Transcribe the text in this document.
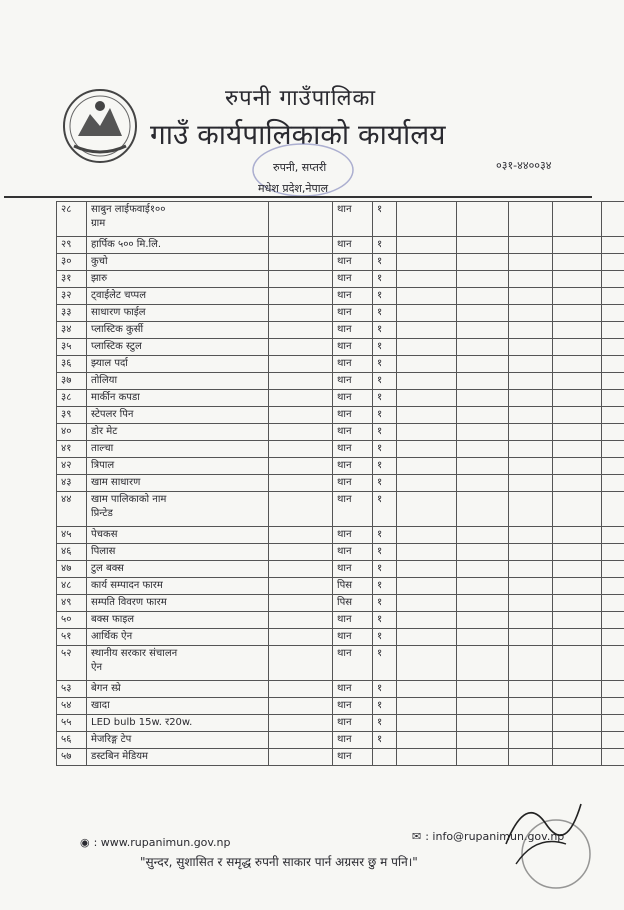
रुपनी गाउँपालिका
गाउँ कार्यपालिकाको कार्यालय
रुपनी, सप्तरी
मधेश प्रदेश,नेपाल
०३१-४४००३४
२८	साबुन लाईफवाई१००
ग्राम		थान	१					
२९	हार्पिक ५०० मि.लि.		थान	१					
३०	कुचो		थान	१					
३१	झारु		थान	१					
३२	ट्वाईलेट चप्पल		थान	१					
३३	साधारण फाईल		थान	१					
३४	प्लास्टिक कुर्सी		थान	१					
३५	प्लास्टिक स्टुल		थान	१					
३६	झ्याल पर्दा		थान	१					
३७	तोलिया		थान	१					
३८	मार्कीन कपडा		थान	१					
३९	स्टेपलर पिन		थान	१					
४०	डोर मेट		थान	१					
४१	ताल्चा		थान	१					
४२	त्रिपाल		थान	१					
४३	खाम साधारण		थान	१					
४४	खाम पालिकाको नाम
प्रिन्टेड		थान	१					
४५	पेचकस		थान	१					
४६	पिलास		थान	१					
४७	टुल बक्स		थान	१					
४८	कार्य सम्पादन फारम		पिस	१					
४९	सम्पति विवरण फारम		पिस	१					
५०	बक्स फाइल		थान	१					
५१	आर्थिक ऐन		थान	१					
५२	स्थानीय सरकार संचालन
ऐन		थान	१					
५३	बेगन स्प्रे		थान	१					
५४	खादा		थान	१					
५५	LED bulb 15w. र20w.		थान	१					
५६	मेजरिङ्ग टेप		थान	१					
५७	डस्टबिन मेडियम		थान						
◉ : www.rupanimun.gov.np	✉ : info@rupanimun.gov.np
"सुन्दर, सुशासित र समृद्ध रुपनी साकार पार्न अग्रसर छु म पनि।"
